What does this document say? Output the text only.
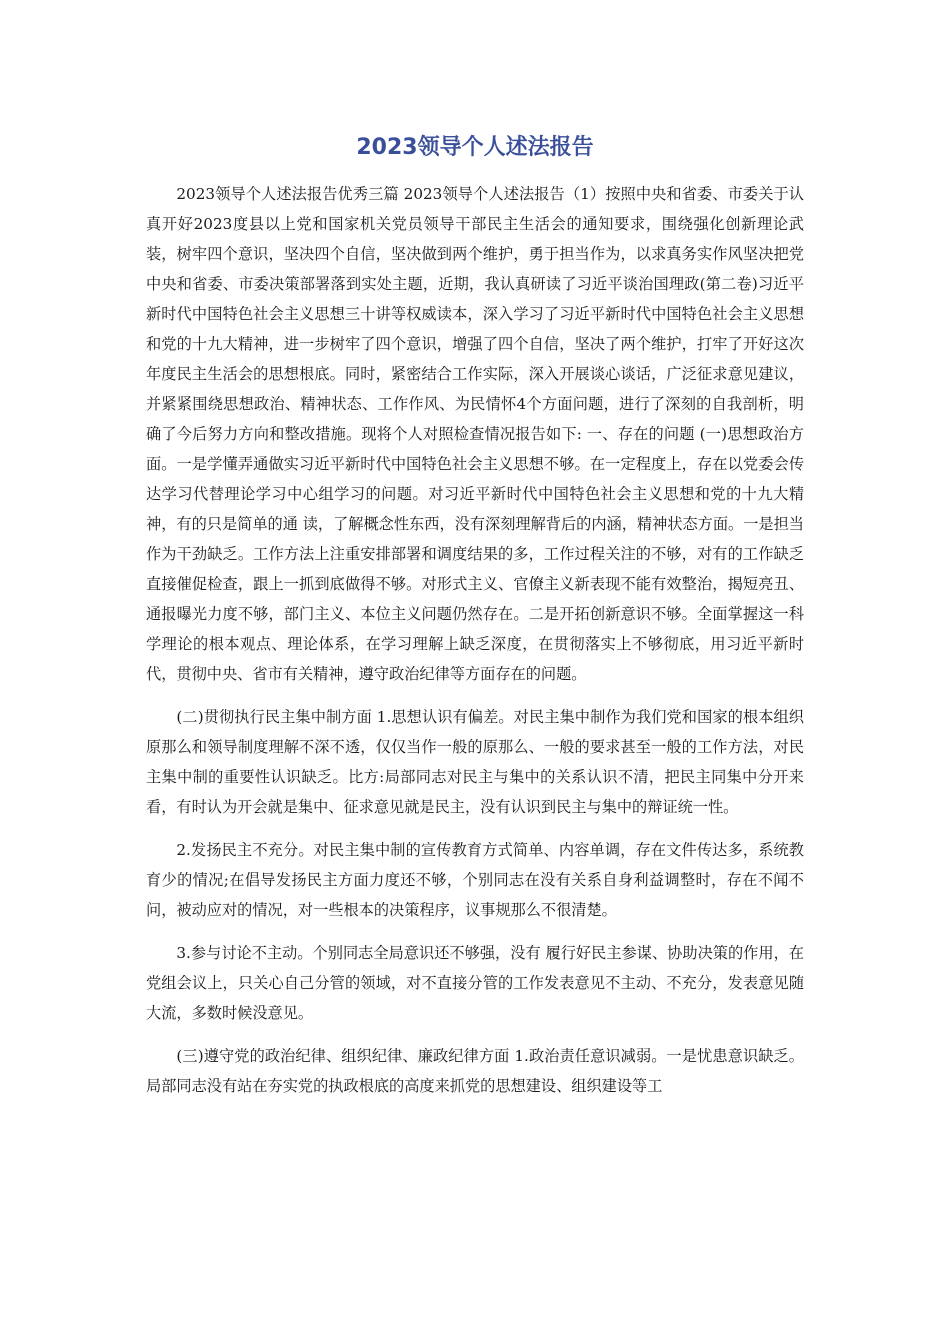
2023领导个人述法报告

2023领导个人述法报告优秀三篇 2023领导个人述法报告（1）按照中央和省委、市委关于认真开好2023度县以上党和国家机关党员领导干部民主生活会的通知要求，围绕强化创新理论武装，树牢四个意识，坚决四个自信，坚决做到两个维护，勇于担当作为，以求真务实作风坚决把党中央和省委、市委决策部署落到实处主题，近期，我认真研读了习近平谈治国理政(第二卷)习近平新时代中国特色社会主义思想三十讲等权威读本，深入学习了习近平新时代中国特色社会主义思想和党的十九大精神，进一步树牢了四个意识，增强了四个自信，坚决了两个维护，打牢了开好这次年度民主生活会的思想根底。同时，紧密结合工作实际，深入开展谈心谈话，广泛征求意见建议，并紧紧围绕思想政治、精神状态、工作作风、为民情怀4个方面问题，进行了深刻的自我剖析，明确了今后努力方向和整改措施。现将个人对照检查情况报告如下: 一、存在的问题 (一)思想政治方面。一是学懂弄通做实习近平新时代中国特色社会主义思想不够。在一定程度上，存在以党委会传达学习代替理论学习中心组学习的问题。对习近平新时代中国特色社会主义思想和党的十九大精神，有的只是简单的通 读，了解概念性东西，没有深刻理解背后的内涵，精神状态方面。一是担当作为干劲缺乏。工作方法上注重安排部署和调度结果的多，工作过程关注的不够，对有的工作缺乏直接催促检查，跟上一抓到底做得不够。对形式主义、官僚主义新表现不能有效整治，揭短亮丑、通报曝光力度不够，部门主义、本位主义问题仍然存在。二是开拓创新意识不够。全面掌握这一科学理论的根本观点、理论体系，在学习理解上缺乏深度，在贯彻落实上不够彻底，用习近平新时代，贯彻中央、省市有关精神，遵守政治纪律等方面存在的问题。

(二)贯彻执行民主集中制方面 1.思想认识有偏差。对民主集中制作为我们党和国家的根本组织原那么和领导制度理解不深不透，仅仅当作一般的原那么、一般的要求甚至一般的工作方法，对民主集中制的重要性认识缺乏。比方:局部同志对民主与集中的关系认识不清，把民主同集中分开来看，有时认为开会就是集中、征求意见就是民主，没有认识到民主与集中的辩证统一性。

2.发扬民主不充分。对民主集中制的宣传教育方式简单、内容单调，存在文件传达多，系统教育少的情况;在倡导发扬民主方面力度还不够，个别同志在没有关系自身利益调整时，存在不闻不问，被动应对的情况，对一些根本的决策程序，议事规那么不很清楚。

3.参与讨论不主动。个别同志全局意识还不够强，没有 履行好民主参谋、协助决策的作用，在党组会议上，只关心自己分管的领域，对不直接分管的工作发表意见不主动、不充分，发表意见随大流，多数时候没意见。

(三)遵守党的政治纪律、组织纪律、廉政纪律方面 1.政治责任意识减弱。一是忧患意识缺乏。局部同志没有站在夯实党的执政根底的高度来抓党的思想建设、组织建设等工
